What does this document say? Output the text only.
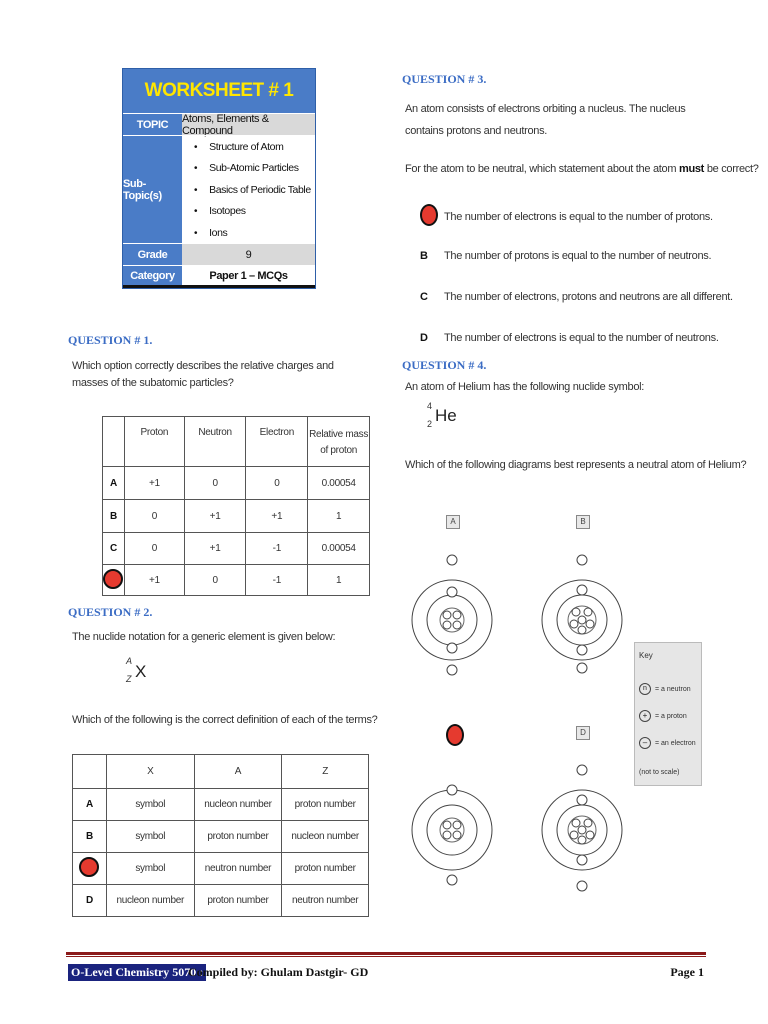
WORKSHEET # 1
TOPIC	Atoms, Elements & Compound
Sub-Topic(s)
• Structure of Atom
• Sub-Atomic Particles
• Basics of Periodic Table
• Isotopes
• Ions
Grade	9
Category	Paper 1 – MCQs
QUESTION # 1.
Which option correctly describes the relative charges and masses of the subatomic particles?
	Proton	Neutron	Electron	Relative mass of proton
A	+1	0	0	0.00054
B	0	+1	+1	1
C	0	+1	-1	0.00054
	+1	0	-1	1
QUESTION # 2.
The nuclide notation for a generic element is given below:
A
Z X
Which of the following is the correct definition of each of the terms?
	X	A	Z
A	symbol	nucleon number	proton number
B	symbol	proton number	nucleon number
	symbol	neutron number	proton number
D	nucleon number	proton number	neutron number
QUESTION # 3.
An atom consists of electrons orbiting a nucleus. The nucleus contains protons and neutrons.
For the atom to be neutral, which statement about the atom must be correct?
The number of electrons is equal to the number of protons.
B	The number of protons is equal to the number of neutrons.
C	The number of electrons, protons and neutrons are all different.
D	The number of electrons is equal to the number of neutrons.
QUESTION # 4.
An atom of Helium has the following nuclide symbol:
4
2 He
Which of the following diagrams best represents a neutral atom of Helium?
A	B
D
Key
n	= a neutron
+	= a proton
–	= an electron
(not to scale)
O-Level Chemistry 5070 :
Compiled by: Ghulam Dastgir- GD	Page 1
